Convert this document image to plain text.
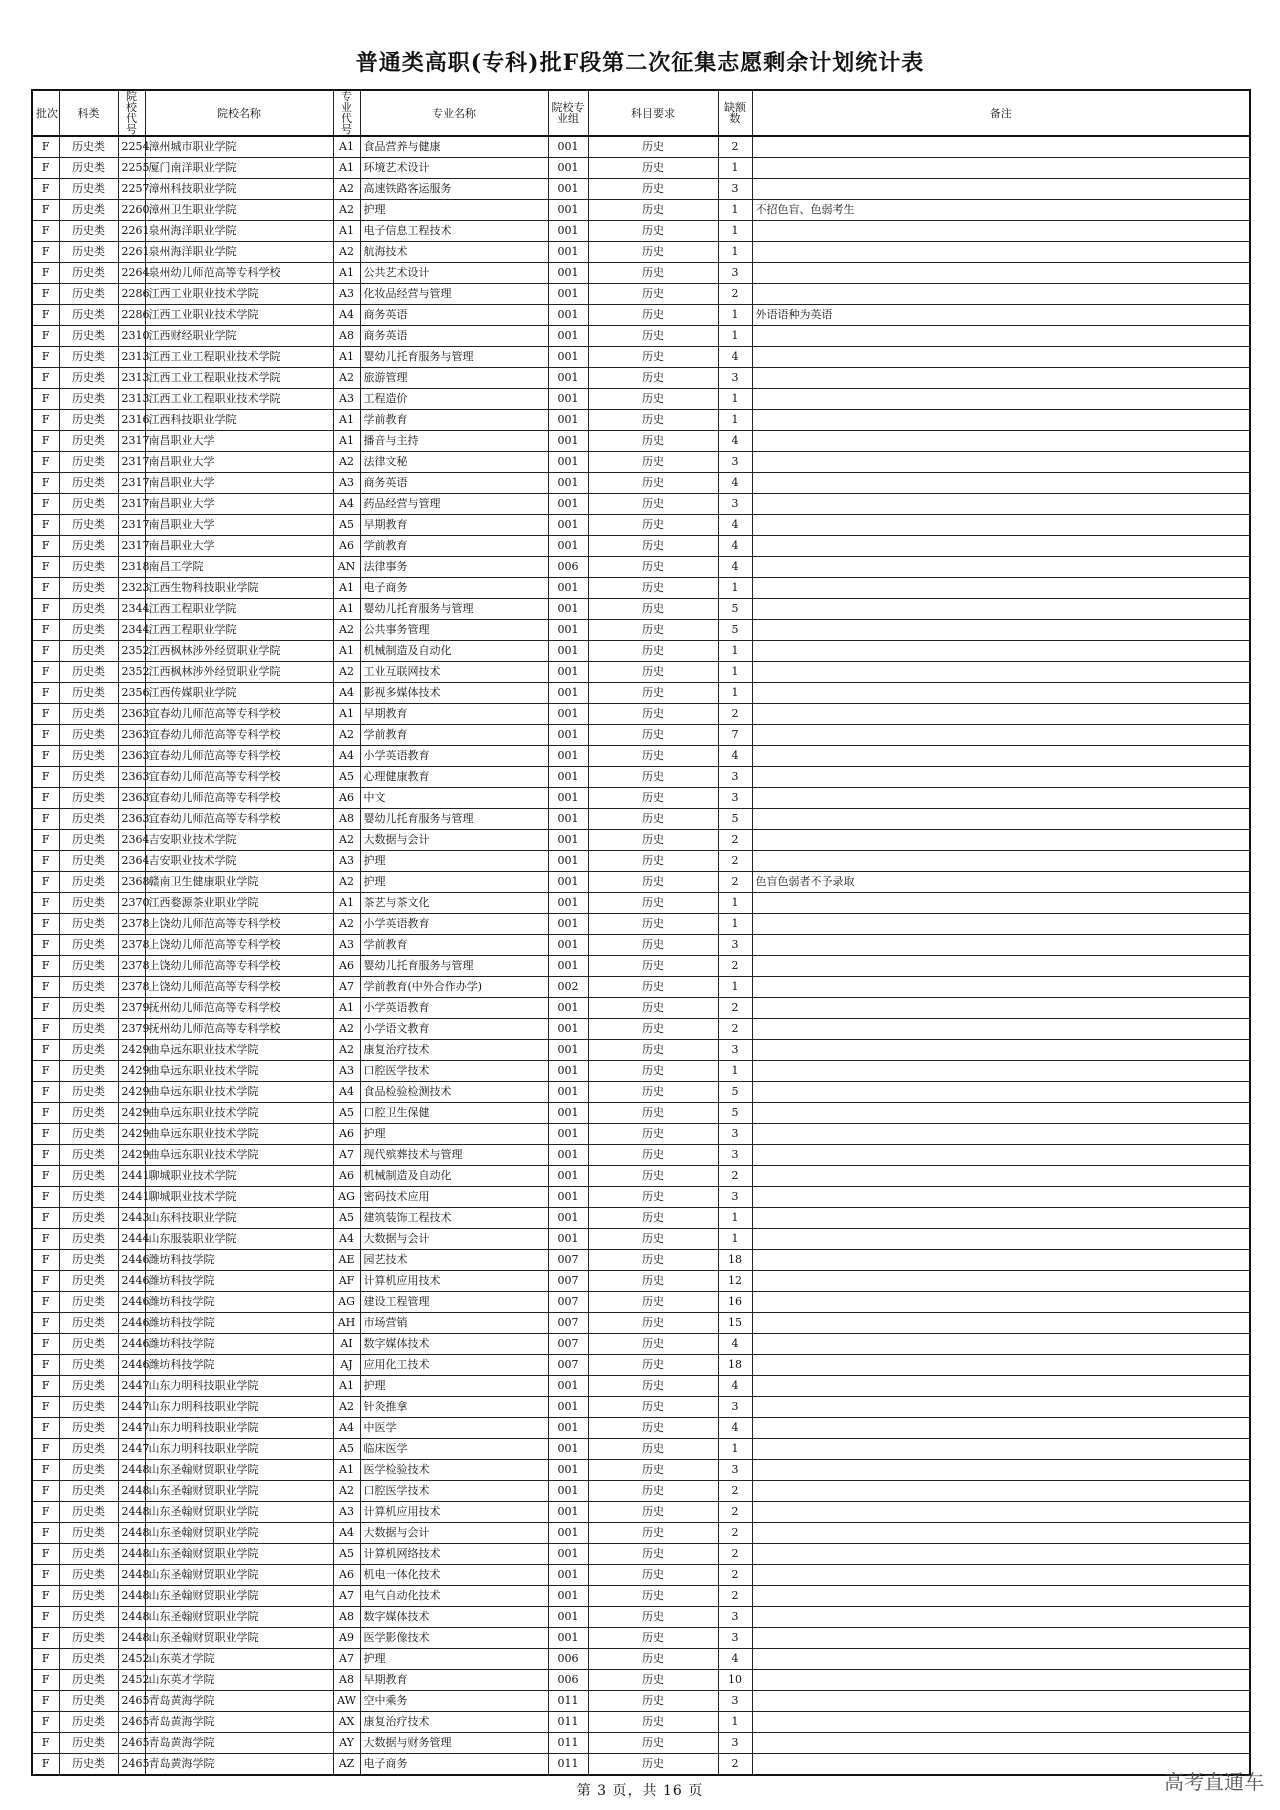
普通类高职(专科)批F段第二次征集志愿剩余计划统计表
批次	科类	院校代号	院校名称	专业代号	专业名称	院校专业组	科目要求	缺额数	备注
F	历史类	2254	漳州城市职业学院	A1	食品营养与健康	001	历史	2	
F	历史类	2255	厦门南洋职业学院	A1	环境艺术设计	001	历史	1	
F	历史类	2257	漳州科技职业学院	A2	高速铁路客运服务	001	历史	3	
F	历史类	2260	漳州卫生职业学院	A2	护理	001	历史	1	不招色盲、色弱考生
F	历史类	2261	泉州海洋职业学院	A1	电子信息工程技术	001	历史	1	
F	历史类	2261	泉州海洋职业学院	A2	航海技术	001	历史	1	
F	历史类	2264	泉州幼儿师范高等专科学校	A1	公共艺术设计	001	历史	3	
F	历史类	2286	江西工业职业技术学院	A3	化妆品经营与管理	001	历史	2	
F	历史类	2286	江西工业职业技术学院	A4	商务英语	001	历史	1	外语语种为英语
F	历史类	2310	江西财经职业学院	A8	商务英语	001	历史	1	
F	历史类	2313	江西工业工程职业技术学院	A1	婴幼儿托育服务与管理	001	历史	4	
F	历史类	2313	江西工业工程职业技术学院	A2	旅游管理	001	历史	3	
F	历史类	2313	江西工业工程职业技术学院	A3	工程造价	001	历史	1	
F	历史类	2316	江西科技职业学院	A1	学前教育	001	历史	1	
F	历史类	2317	南昌职业大学	A1	播音与主持	001	历史	4	
F	历史类	2317	南昌职业大学	A2	法律文秘	001	历史	3	
F	历史类	2317	南昌职业大学	A3	商务英语	001	历史	4	
F	历史类	2317	南昌职业大学	A4	药品经营与管理	001	历史	3	
F	历史类	2317	南昌职业大学	A5	早期教育	001	历史	4	
F	历史类	2317	南昌职业大学	A6	学前教育	001	历史	4	
F	历史类	2318	南昌工学院	AN	法律事务	006	历史	4	
F	历史类	2323	江西生物科技职业学院	A1	电子商务	001	历史	1	
F	历史类	2344	江西工程职业学院	A1	婴幼儿托育服务与管理	001	历史	5	
F	历史类	2344	江西工程职业学院	A2	公共事务管理	001	历史	5	
F	历史类	2352	江西枫林涉外经贸职业学院	A1	机械制造及自动化	001	历史	1	
F	历史类	2352	江西枫林涉外经贸职业学院	A2	工业互联网技术	001	历史	1	
F	历史类	2356	江西传媒职业学院	A4	影视多媒体技术	001	历史	1	
F	历史类	2363	宜春幼儿师范高等专科学校	A1	早期教育	001	历史	2	
F	历史类	2363	宜春幼儿师范高等专科学校	A2	学前教育	001	历史	7	
F	历史类	2363	宜春幼儿师范高等专科学校	A4	小学英语教育	001	历史	4	
F	历史类	2363	宜春幼儿师范高等专科学校	A5	心理健康教育	001	历史	3	
F	历史类	2363	宜春幼儿师范高等专科学校	A6	中文	001	历史	3	
F	历史类	2363	宜春幼儿师范高等专科学校	A8	婴幼儿托育服务与管理	001	历史	5	
F	历史类	2364	吉安职业技术学院	A2	大数据与会计	001	历史	2	
F	历史类	2364	吉安职业技术学院	A3	护理	001	历史	2	
F	历史类	2368	赣南卫生健康职业学院	A2	护理	001	历史	2	色盲色弱者不予录取
F	历史类	2370	江西婺源茶业职业学院	A1	茶艺与茶文化	001	历史	1	
F	历史类	2378	上饶幼儿师范高等专科学校	A2	小学英语教育	001	历史	1	
F	历史类	2378	上饶幼儿师范高等专科学校	A3	学前教育	001	历史	3	
F	历史类	2378	上饶幼儿师范高等专科学校	A6	婴幼儿托育服务与管理	001	历史	2	
F	历史类	2378	上饶幼儿师范高等专科学校	A7	学前教育(中外合作办学)	002	历史	1	
F	历史类	2379	抚州幼儿师范高等专科学校	A1	小学英语教育	001	历史	2	
F	历史类	2379	抚州幼儿师范高等专科学校	A2	小学语文教育	001	历史	2	
F	历史类	2429	曲阜远东职业技术学院	A2	康复治疗技术	001	历史	3	
F	历史类	2429	曲阜远东职业技术学院	A3	口腔医学技术	001	历史	1	
F	历史类	2429	曲阜远东职业技术学院	A4	食品检验检测技术	001	历史	5	
F	历史类	2429	曲阜远东职业技术学院	A5	口腔卫生保健	001	历史	5	
F	历史类	2429	曲阜远东职业技术学院	A6	护理	001	历史	3	
F	历史类	2429	曲阜远东职业技术学院	A7	现代殡葬技术与管理	001	历史	3	
F	历史类	2441	聊城职业技术学院	A6	机械制造及自动化	001	历史	2	
F	历史类	2441	聊城职业技术学院	AG	密码技术应用	001	历史	3	
F	历史类	2443	山东科技职业学院	A5	建筑装饰工程技术	001	历史	1	
F	历史类	2444	山东服装职业学院	A4	大数据与会计	001	历史	1	
F	历史类	2446	潍坊科技学院	AE	园艺技术	007	历史	18	
F	历史类	2446	潍坊科技学院	AF	计算机应用技术	007	历史	12	
F	历史类	2446	潍坊科技学院	AG	建设工程管理	007	历史	16	
F	历史类	2446	潍坊科技学院	AH	市场营销	007	历史	15	
F	历史类	2446	潍坊科技学院	AI	数字媒体技术	007	历史	4	
F	历史类	2446	潍坊科技学院	AJ	应用化工技术	007	历史	18	
F	历史类	2447	山东力明科技职业学院	A1	护理	001	历史	4	
F	历史类	2447	山东力明科技职业学院	A2	针灸推拿	001	历史	3	
F	历史类	2447	山东力明科技职业学院	A4	中医学	001	历史	4	
F	历史类	2447	山东力明科技职业学院	A5	临床医学	001	历史	1	
F	历史类	2448	山东圣翰财贸职业学院	A1	医学检验技术	001	历史	3	
F	历史类	2448	山东圣翰财贸职业学院	A2	口腔医学技术	001	历史	2	
F	历史类	2448	山东圣翰财贸职业学院	A3	计算机应用技术	001	历史	2	
F	历史类	2448	山东圣翰财贸职业学院	A4	大数据与会计	001	历史	2	
F	历史类	2448	山东圣翰财贸职业学院	A5	计算机网络技术	001	历史	2	
F	历史类	2448	山东圣翰财贸职业学院	A6	机电一体化技术	001	历史	2	
F	历史类	2448	山东圣翰财贸职业学院	A7	电气自动化技术	001	历史	2	
F	历史类	2448	山东圣翰财贸职业学院	A8	数字媒体技术	001	历史	3	
F	历史类	2448	山东圣翰财贸职业学院	A9	医学影像技术	001	历史	3	
F	历史类	2452	山东英才学院	A7	护理	006	历史	4	
F	历史类	2452	山东英才学院	A8	早期教育	006	历史	10	
F	历史类	2465	青岛黄海学院	AW	空中乘务	011	历史	3	
F	历史类	2465	青岛黄海学院	AX	康复治疗技术	011	历史	1	
F	历史类	2465	青岛黄海学院	AY	大数据与财务管理	011	历史	3	
F	历史类	2465	青岛黄海学院	AZ	电子商务	011	历史	2	
第 3 页，共 16 页	高考直通车
